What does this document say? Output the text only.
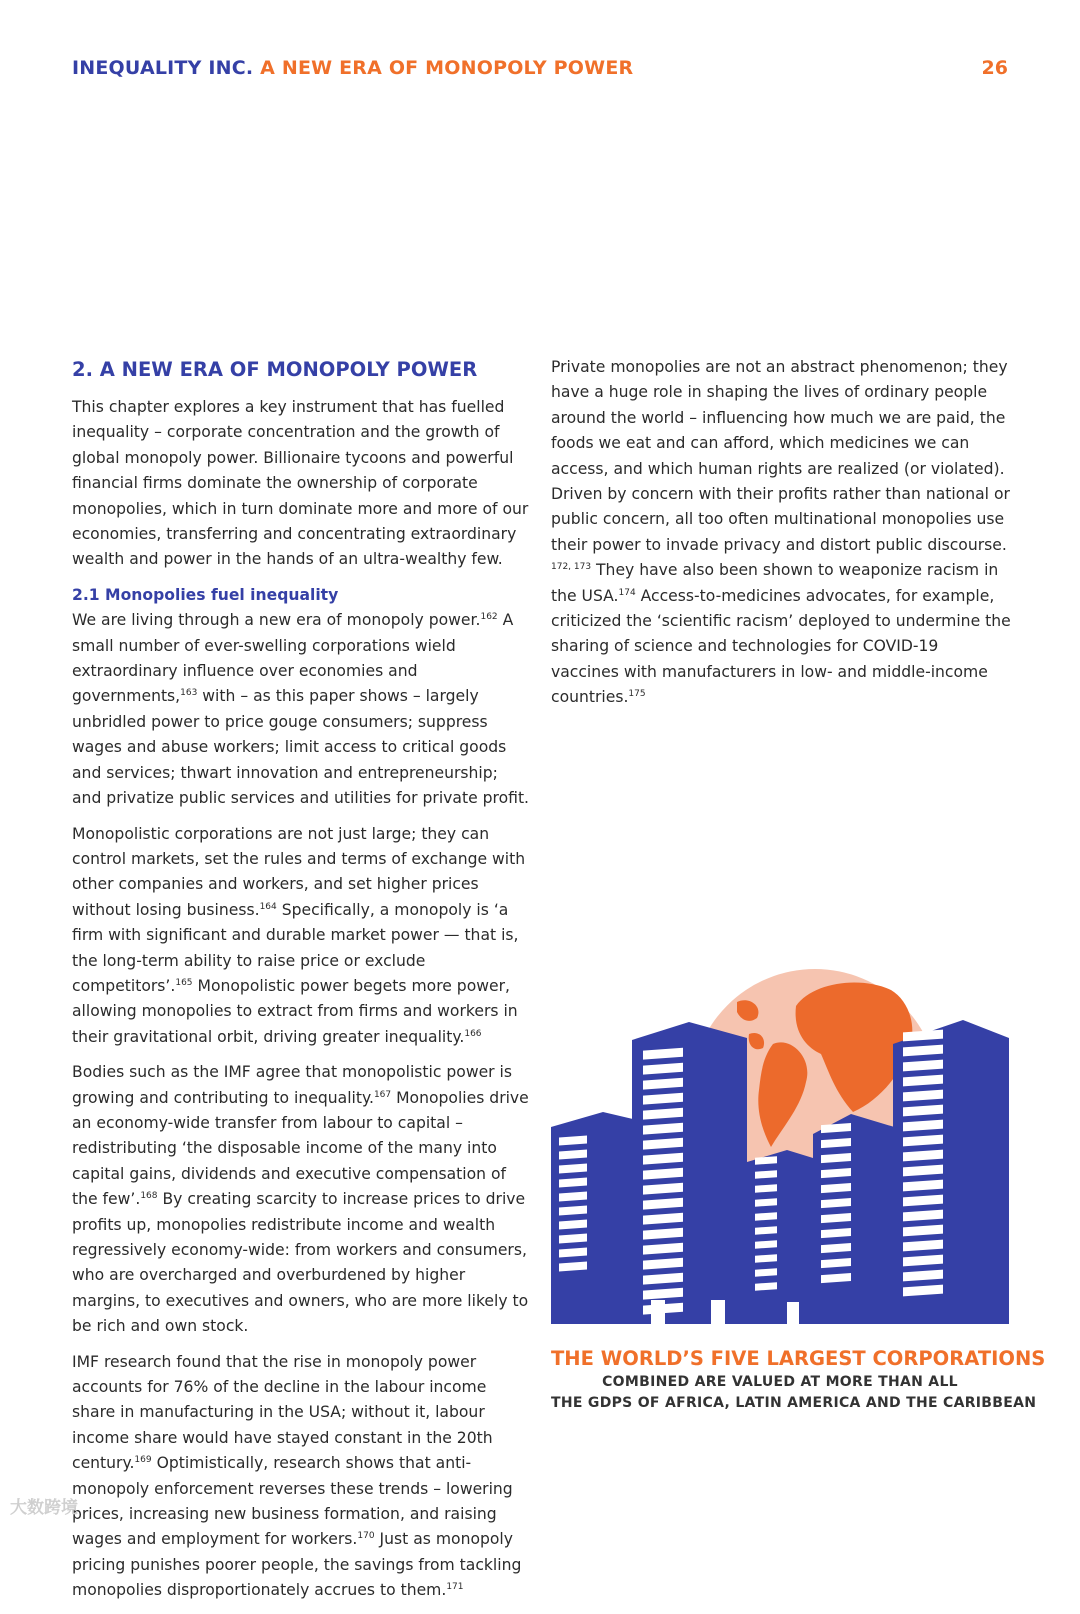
INEQUALITY INC. A NEW ERA OF MONOPOLY POWER	26
2. A NEW ERA OF MONOPOLY POWER

This chapter explores a key instrument that has fuelled inequality – corporate concentration and the growth of global monopoly power. Billionaire tycoons and powerful financial firms dominate the ownership of corporate monopolies, which in turn dominate more and more of our economies, transferring and concentrating extraordinary wealth and power in the hands of an ultra-wealthy few.

2.1 Monopolies fuel inequality

We are living through a new era of monopoly power.$^{162}$ A small number of ever-swelling corporations wield extraordinary influence over economies and governments,$^{163}$ with – as this paper shows – largely unbridled power to price gouge consumers; suppress wages and abuse workers; limit access to critical goods and services; thwart innovation and entrepreneurship; and privatize public services and utilities for private profit.

Monopolistic corporations are not just large; they can control markets, set the rules and terms of exchange with other companies and workers, and set higher prices without losing business.$^{164}$ Specifically, a monopoly is ‘a firm with significant and durable market power — that is, the long-term ability to raise price or exclude competitors’.$^{165}$ Monopolistic power begets more power, allowing monopolies to extract from firms and workers in their gravitational orbit, driving greater inequality.$^{166}$

Bodies such as the IMF agree that monopolistic power is growing and contributing to inequality.$^{167}$ Monopolies drive an economy-wide transfer from labour to capital – redistributing ‘the disposable income of the many into capital gains, dividends and executive compensation of the few’.$^{168}$ By creating scarcity to increase prices to drive profits up, monopolies redistribute income and wealth regressively economy-wide: from workers and consumers, who are overcharged and overburdened by higher margins, to executives and owners, who are more likely to be rich and own stock.

IMF research found that the rise in monopoly power accounts for 76% of the decline in the labour income share in manufacturing in the USA; without it, labour income share would have stayed constant in the 20th century.$^{169}$ Optimistically, research shows that anti-monopoly enforcement reverses these trends – lowering prices, increasing new business formation, and raising wages and employment for workers.$^{170}$ Just as monopoly pricing punishes poorer people, the savings from tackling monopolies disproportionately accrues to them.$^{171}$

Private monopolies are not an abstract phenomenon; they have a huge role in shaping the lives of ordinary people around the world – influencing how much we are paid, the foods we eat and can afford, which medicines we can access, and which human rights are realized (or violated). Driven by concern with their profits rather than national or public concern, all too often multinational monopolies use their power to invade privacy and distort public discourse. $^{172, 173}$ They have also been shown to weaponize racism in the USA.$^{174}$ Access-to-medicines advocates, for example, criticized the ‘scientific racism’ deployed to undermine the sharing of science and technologies for COVID-19 vaccines with manufacturers in low- and middle-income countries.$^{175}$

THE WORLD’S FIVE LARGEST CORPORATIONS
COMBINED ARE VALUED AT MORE THAN ALL
THE GDPS OF AFRICA, LATIN AMERICA AND THE CARIBBEAN
大数跨境
